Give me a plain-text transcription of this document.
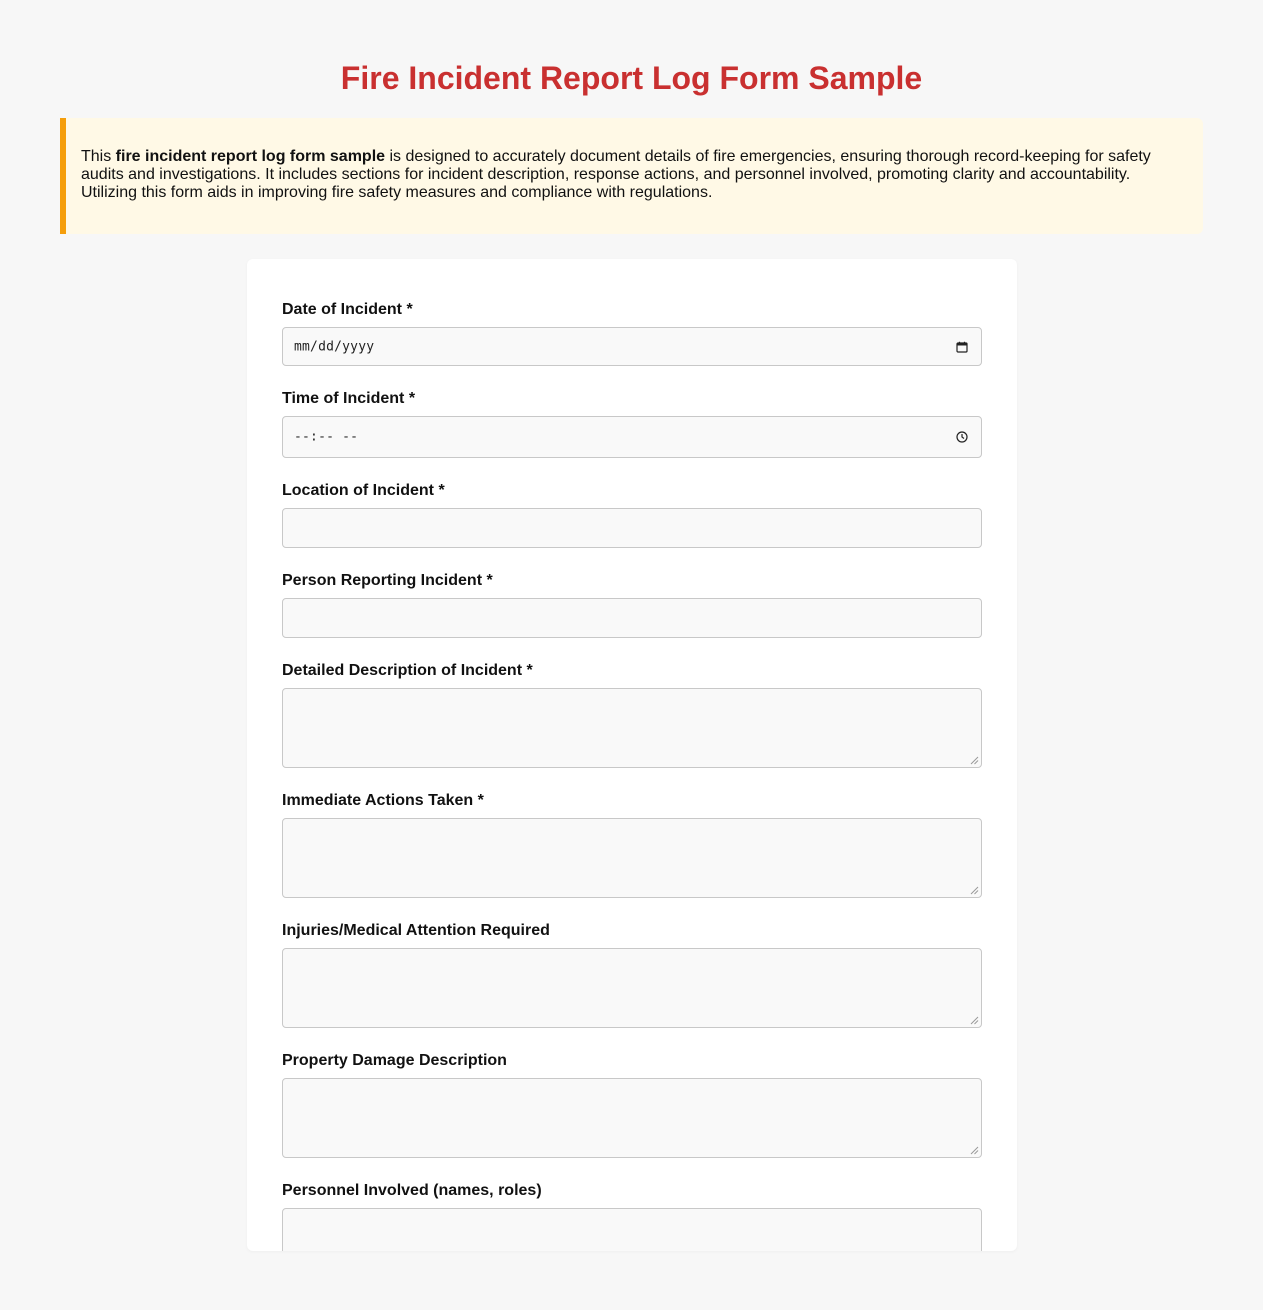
Fire Incident Report Log Form Sample
This fire incident report log form sample is designed to accurately document details of fire emergencies, ensuring thorough record-keeping for safety audits and investigations. It includes sections for incident description, response actions, and personnel involved, promoting clarity and accountability. Utilizing this form aids in improving fire safety measures and compliance with regulations.
Date of Incident *
mm/dd/yyyy
Time of Incident *
--:-- --
Location of Incident *
Person Reporting Incident *
Detailed Description of Incident *
Immediate Actions Taken *
Injuries/Medical Attention Required
Property Damage Description
Personnel Involved (names, roles)
